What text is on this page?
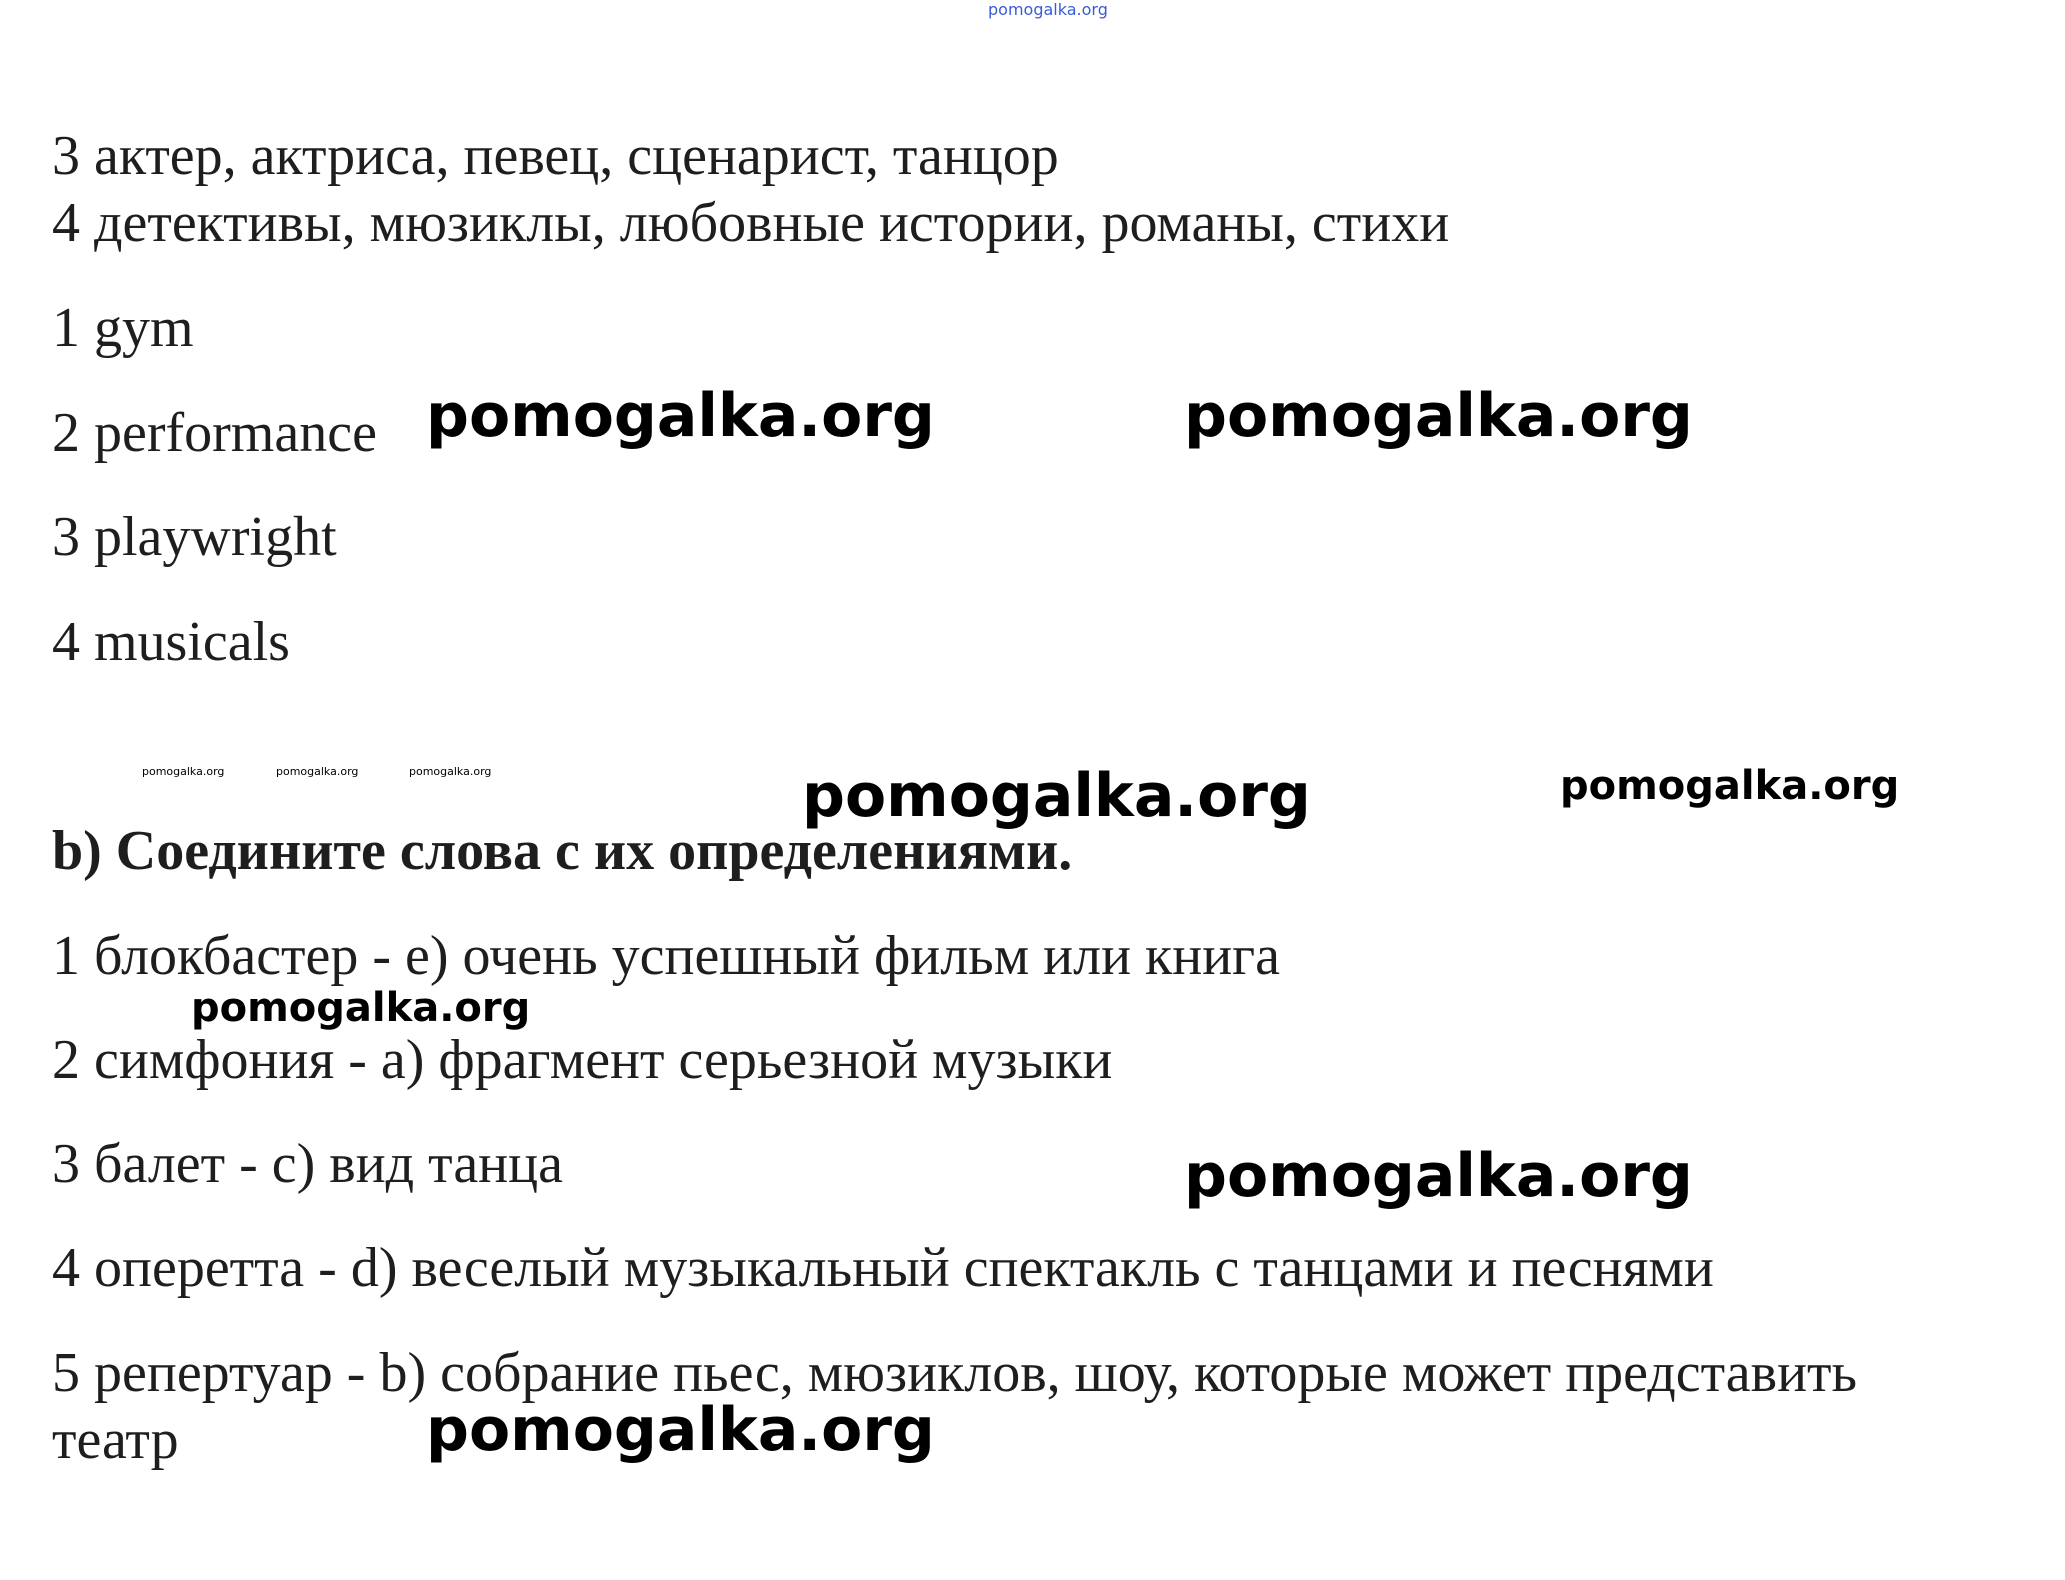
pomogalka.org

3 актер, актриса, певец, сценарист, танцор

4 детективы, мюзиклы, любовные истории, романы, стихи

1 gym

2 performance

3 playwright

4 musicals

pomogalka.org	pomogalka.org
pomogalka.org	pomogalka.org	pomogalka.org	pomogalka.org	pomogalka.org

b) Соедините слова с их определениями.

1 блокбастер - e) очень успешный фильм или книга

pomogalka.org

2 симфония - a) фрагмент серьезной музыки

3 балет - c) вид танца	pomogalka.org

4 оперетта - d) веселый музыкальный спектакль с танцами и песнями

5 репертуар - b) собрание пьес, мюзиклов, шоу, которые может представить

театр	pomogalka.org
